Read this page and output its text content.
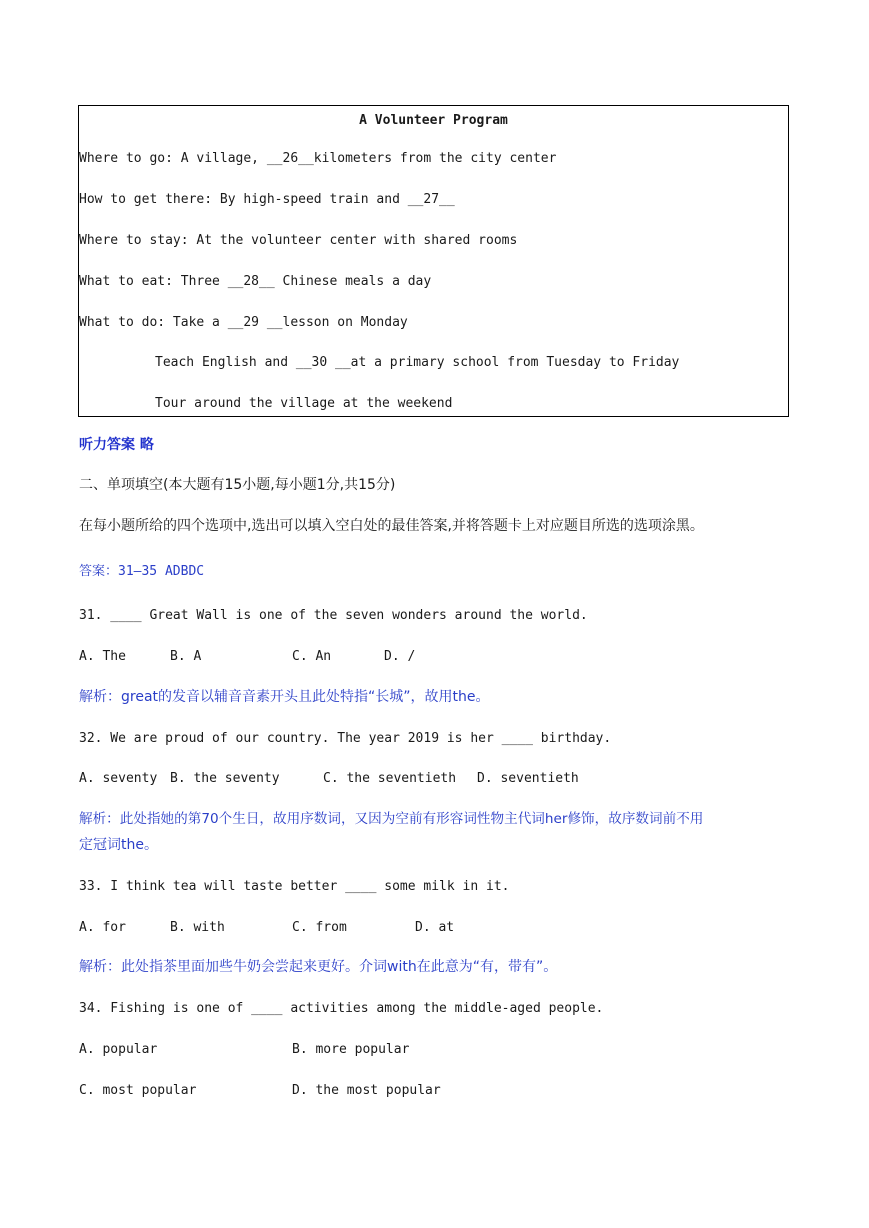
A Volunteer Program
Where to go: A village, __26__kilometers from the city center
How to get there: By high-speed train and __27__
Where to stay: At the volunteer center with shared rooms
What to eat: Three __28__ Chinese meals a day
What to do: Take a __29 __lesson on Monday
Teach English and __30 __at a primary school from Tuesday to Friday
Tour around the village at the weekend
听力答案 略
二、单项填空(本大题有15小题,每小题1分,共15分)
在每小题所给的四个选项中,选出可以填入空白处的最佳答案,并将答题卡上对应题目所选的选项涂黑。
答案：31—35 ADBDC
31. ____ Great Wall is one of the seven wonders around the world.
A. The	B. A	C. An	D. /
解析：great的发音以辅音音素开头且此处特指“长城”，故用the。
32. We are proud of our country. The year 2019 is her ____ birthday.
A. seventy B. the seventy	C. the seventieth D. seventieth
解析：此处指她的第70个生日，故用序数词，又因为空前有形容词性物主代词her修饰，故序数词前不用
定冠词the。
33. I think tea will taste better ____ some milk in it.
A. for	B. with	C. from	D. at
解析：此处指茶里面加些牛奶会尝起来更好。介词with在此意为“有，带有”。
34. Fishing is one of ____ activities among the middle-aged people.
A. popular	B. more popular
C. most popular	D. the most popular
